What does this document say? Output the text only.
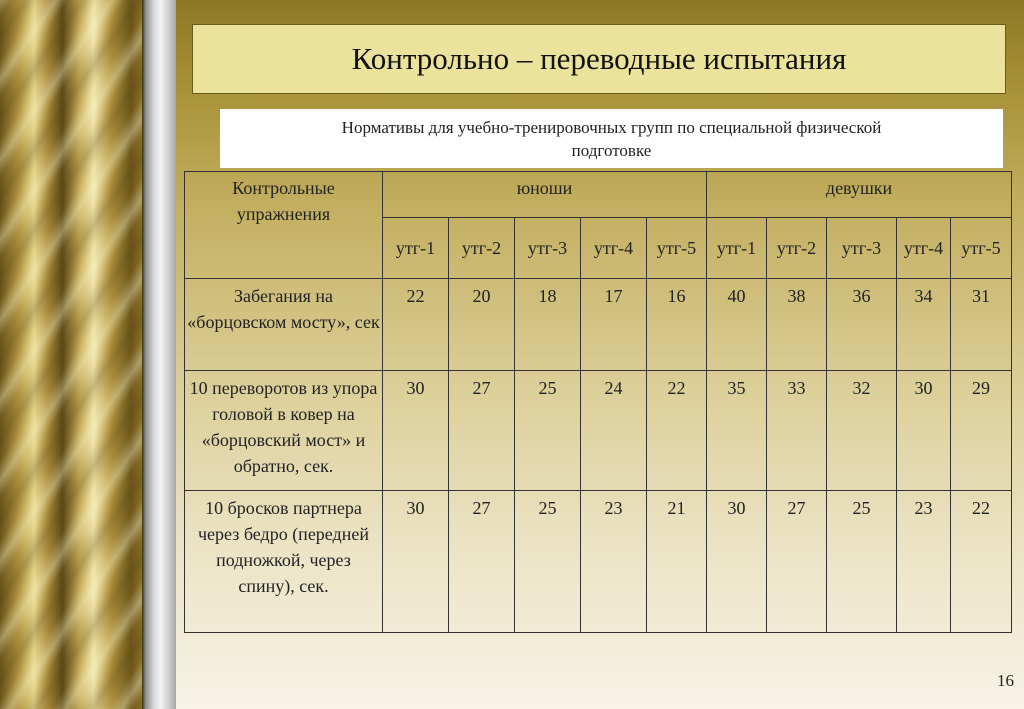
Контрольно – переводные испытания
Нормативы для учебно-тренировочных групп по специальной физической
подготовке
Контрольные упражнения	юноши					девушки				
	утг-1	утг-2	утг-3	утг-4	утг-5	утг-1	утг-2	утг-3	утг-4	утг-5
Забегания на «борцовском мосту», сек	22	20	18	17	16	40	38	36	34	31
10 переворотов из упора головой в ковер на «борцовский мост» и обратно, сек.	30	27	25	24	22	35	33	32	30	29
10 бросков партнера через бедро (передней подножкой, через спину), сек.	30	27	25	23	21	30	27	25	23	22
16
